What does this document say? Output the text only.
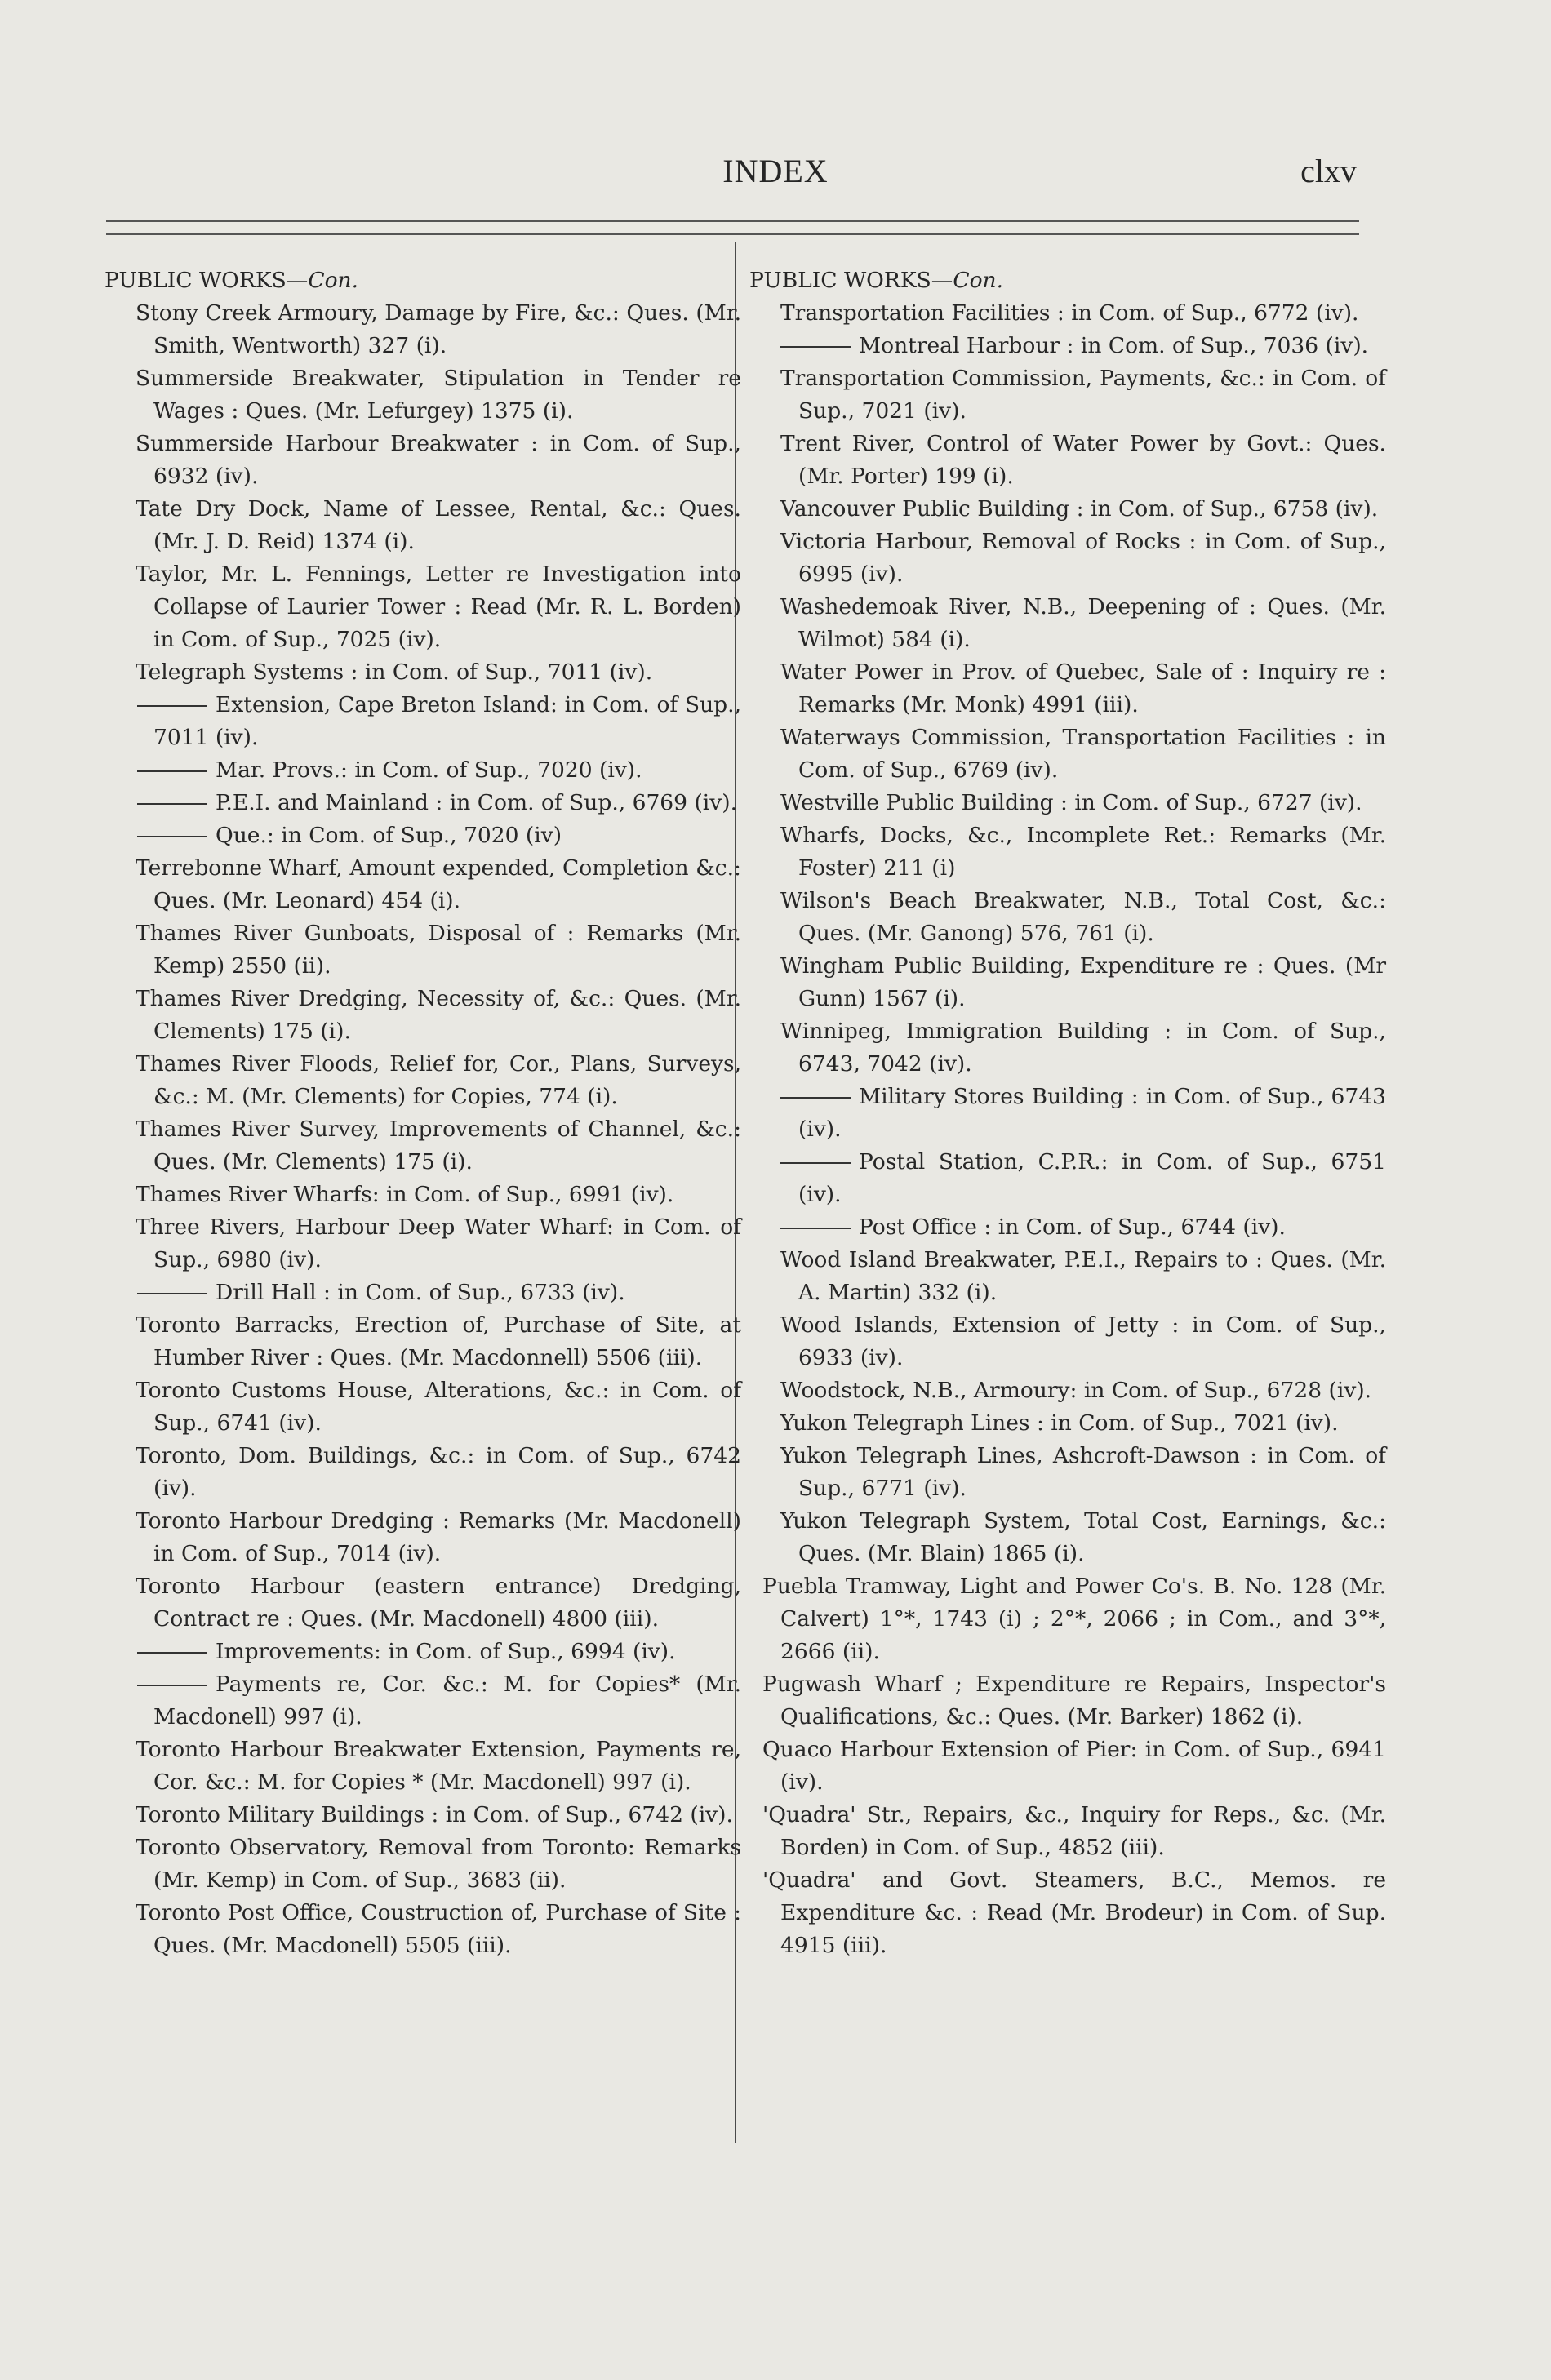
INDEX	clxv

PUBLIC WORKS—Con.

Stony Creek Armoury, Damage by Fire, &c.: Ques. (Mr. Smith, Wentworth) 327 (i).

Summerside Breakwater, Stipulation in Tender re Wages : Ques. (Mr. Lefurgey) 1375 (i).

Summerside Harbour Breakwater : in Com. of Sup., 6932 (iv).

Tate Dry Dock, Name of Lessee, Rental, &c.: Ques. (Mr. J. D. Reid) 1374 (i).

Taylor, Mr. L. Fennings, Letter re Investigation into Collapse of Laurier Tower : Read (Mr. R. L. Borden) in Com. of Sup., 7025 (iv).

Telegraph Systems : in Com. of Sup., 7011 (iv).

Extension, Cape Breton Island: in Com. of Sup., 7011 (iv).

Mar. Provs.: in Com. of Sup., 7020 (iv).

P.E.I. and Mainland : in Com. of Sup., 6769 (iv).

Que.: in Com. of Sup., 7020 (iv)

Terrebonne Wharf, Amount expended, Completion &c.: Ques. (Mr. Leonard) 454 (i).

Thames River Gunboats, Disposal of : Remarks (Mr. Kemp) 2550 (ii).

Thames River Dredging, Necessity of, &c.: Ques. (Mr. Clements) 175 (i).

Thames River Floods, Relief for, Cor., Plans, Surveys, &c.: M. (Mr. Clements) for Copies, 774 (i).

Thames River Survey, Improvements of Channel, &c.: Ques. (Mr. Clements) 175 (i).

Thames River Wharfs: in Com. of Sup., 6991 (iv).

Three Rivers, Harbour Deep Water Wharf: in Com. of Sup., 6980 (iv).

Drill Hall : in Com. of Sup., 6733 (iv).

Toronto Barracks, Erection of, Purchase of Site, at Humber River : Ques. (Mr. Macdonnell) 5506 (iii).

Toronto Customs House, Alterations, &c.: in Com. of Sup., 6741 (iv).

Toronto, Dom. Buildings, &c.: in Com. of Sup., 6742 (iv).

Toronto Harbour Dredging : Remarks (Mr. Macdonell) in Com. of Sup., 7014 (iv).

Toronto Harbour (eastern entrance) Dredging, Contract re : Ques. (Mr. Macdonell) 4800 (iii).

Improvements: in Com. of Sup., 6994 (iv).

Payments re, Cor. &c.: M. for Copies* (Mr. Macdonell) 997 (i).

Toronto Harbour Breakwater Extension, Payments re, Cor. &c.: M. for Copies * (Mr. Macdonell) 997 (i).

Toronto Military Buildings : in Com. of Sup., 6742 (iv).

Toronto Observatory, Removal from Toronto: Remarks (Mr. Kemp) in Com. of Sup., 3683 (ii).

Toronto Post Office, Coustruction of, Purchase of Site : Ques. (Mr. Macdonell) 5505 (iii).

PUBLIC WORKS—Con.

Transportation Facilities : in Com. of Sup., 6772 (iv).

Montreal Harbour : in Com. of Sup., 7036 (iv).

Transportation Commission, Payments, &c.: in Com. of Sup., 7021 (iv).

Trent River, Control of Water Power by Govt.: Ques. (Mr. Porter) 199 (i).

Vancouver Public Building : in Com. of Sup., 6758 (iv).

Victoria Harbour, Removal of Rocks : in Com. of Sup., 6995 (iv).

Washedemoak River, N.B., Deepening of : Ques. (Mr. Wilmot) 584 (i).

Water Power in Prov. of Quebec, Sale of : Inquiry re : Remarks (Mr. Monk) 4991 (iii).

Waterways Commission, Transportation Facilities : in Com. of Sup., 6769 (iv).

Westville Public Building : in Com. of Sup., 6727 (iv).

Wharfs, Docks, &c., Incomplete Ret.: Remarks (Mr. Foster) 211 (i)

Wilson's Beach Breakwater, N.B., Total Cost, &c.: Ques. (Mr. Ganong) 576, 761 (i).

Wingham Public Building, Expenditure re : Ques. (Mr Gunn) 1567 (i).

Winnipeg, Immigration Building : in Com. of Sup., 6743, 7042 (iv).

Military Stores Building : in Com. of Sup., 6743 (iv).

Postal Station, C.P.R.: in Com. of Sup., 6751 (iv).

Post Office : in Com. of Sup., 6744 (iv).

Wood Island Breakwater, P.E.I., Repairs to : Ques. (Mr. A. Martin) 332 (i).

Wood Islands, Extension of Jetty : in Com. of Sup., 6933 (iv).

Woodstock, N.B., Armoury: in Com. of Sup., 6728 (iv).

Yukon Telegraph Lines : in Com. of Sup., 7021 (iv).

Yukon Telegraph Lines, Ashcroft-Dawson : in Com. of Sup., 6771 (iv).

Yukon Telegraph System, Total Cost, Earnings, &c.: Ques. (Mr. Blain) 1865 (i).

Puebla Tramway, Light and Power Co's. B. No. 128 (Mr. Calvert) 1°*, 1743 (i) ; 2°*, 2066 ; in Com., and 3°*, 2666 (ii).

Pugwash Wharf ; Expenditure re Repairs, Inspector's Qualifications, &c.: Ques. (Mr. Barker) 1862 (i).

Quaco Harbour Extension of Pier: in Com. of Sup., 6941 (iv).

'Quadra' Str., Repairs, &c., Inquiry for Reps., &c. (Mr. Borden) in Com. of Sup., 4852 (iii).

'Quadra' and Govt. Steamers, B.C., Memos. re Expenditure &c. : Read (Mr. Brodeur) in Com. of Sup. 4915 (iii).
